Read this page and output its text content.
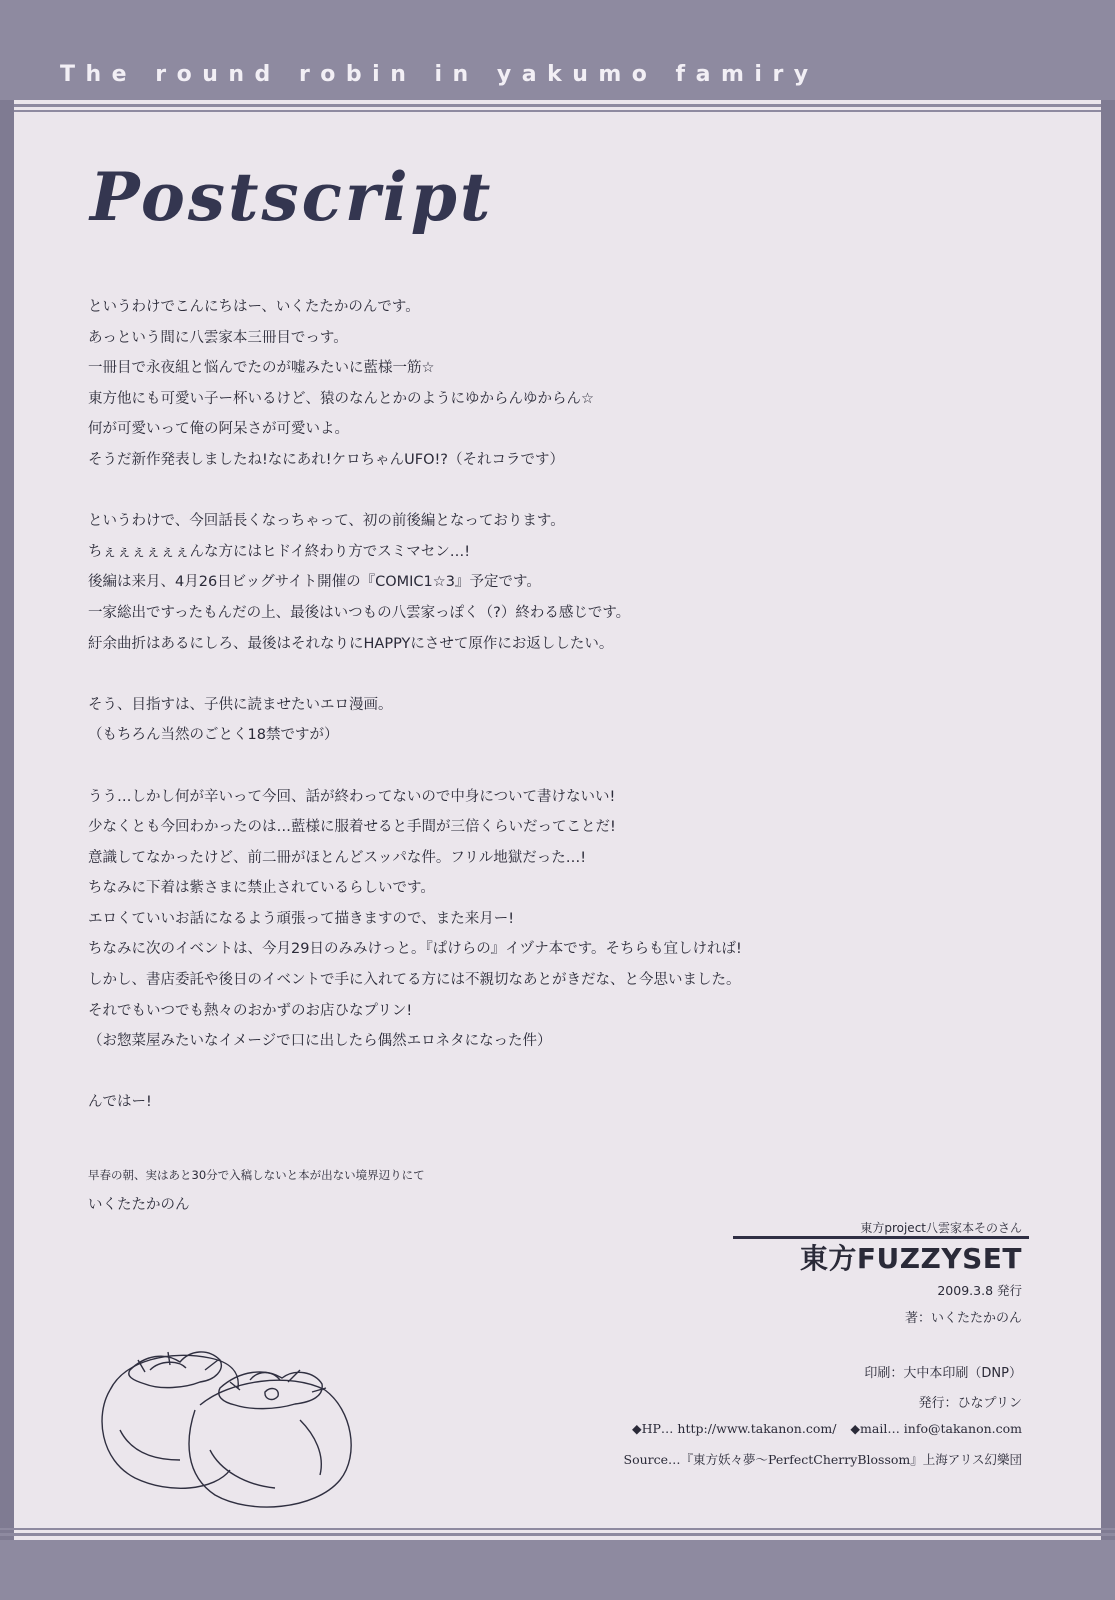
The round robin in yakumo famiry
Postscript
というわけでこんにちはー、いくたたかのんです。
あっという間に八雲家本三冊目でっす。
一冊目で永夜組と悩んでたのが嘘みたいに藍様一筋☆
東方他にも可愛い子ー杯いるけど、猿のなんとかのようにゆからんゆからん☆
何が可愛いって俺の阿呆さが可愛いよ。
そうだ新作発表しましたね!なにあれ!ケロちゃんUFO!?（それコラです）
というわけで、今回話長くなっちゃって、初の前後編となっております。
ちぇぇぇぇぇぇんな方にはヒドイ終わり方でスミマセン…!
後編は来月、4月26日ビッグサイト開催の『COMIC1☆3』予定です。
一家総出ですったもんだの上、最後はいつもの八雲家っぽく（?）終わる感じです。
紆余曲折はあるにしろ、最後はそれなりにHAPPYにさせて原作にお返ししたい。
そう、目指すは、子供に読ませたいエロ漫画。
（もちろん当然のごとく18禁ですが）
うう…しかし何が辛いって今回、話が終わってないので中身について書けないい!
少なくとも今回わかったのは…藍様に服着せると手間が三倍くらいだってことだ!
意識してなかったけど、前二冊がほとんどスッパな件。フリル地獄だった…!
ちなみに下着は紫さまに禁止されているらしいです。
エロくていいお話になるよう頑張って描きますので、また来月ー!
ちなみに次のイベントは、今月29日のみみけっと。『ぱけらの』イヅナ本です。そちらも宜しければ!
しかし、書店委託や後日のイベントで手に入れてる方には不親切なあとがきだな、と今思いました。
それでもいつでも熱々のおかずのお店ひなプリン!
（お惣菜屋みたいなイメージで口に出したら偶然エロネタになった件）
んではー!
早春の朝、実はあと30分で入稿しないと本が出ない境界辺りにて
いくたたかのん
東方project八雲家本そのさん
東方FUZZYSET
2009.3.8 発行
著：いくたたかのん
印刷：大中本印刷（DNP）
発行：ひなプリン
◆HP… http://www.takanon.com/ ◆mail… info@takanon.com
Source…『東方妖々夢～PerfectCherryBlossom』上海アリス幻樂団
